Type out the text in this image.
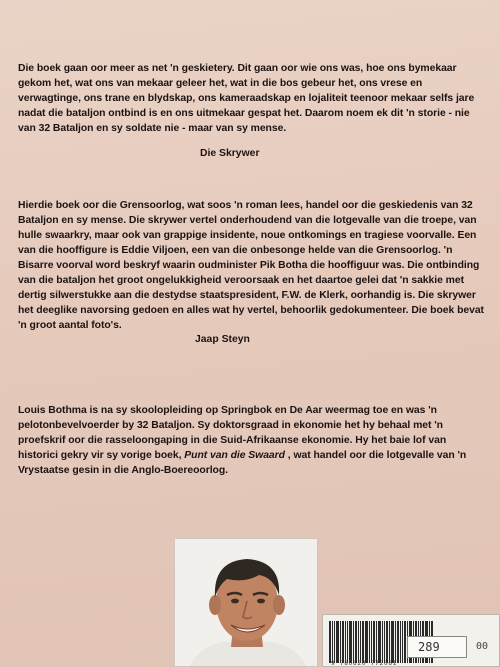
Die boek gaan oor meer as net 'n geskietery. Dit gaan oor wie ons was, hoe ons bymekaar gekom het, wat ons van mekaar geleer het, wat in die bos gebeur het, ons vrese en verwagtinge, ons trane en blydskap, ons kameraadskap en lojaliteit teenoor mekaar selfs jare nadat die bataljon ontbind is en ons uitmekaar gespat het. Daarom noem ek dit 'n storie - nie van 32 Bataljon en sy soldate nie - maar van sy mense.

Die Skrywer

Hierdie boek oor die Grensoorlog, wat soos 'n roman lees, handel oor die geskiedenis van 32 Bataljon en sy mense. Die skrywer vertel onderhoudend van die lotgevalle van die troepe, van hulle swaarkry, maar ook van grappige insidente, noue ontkomings en tragiese voorvalle. Een van die hooffigure is Eddie Viljoen, een van die onbesonge helde van die Grensoorlog. 'n Bisarre voorval word beskryf waarin oudminister Pik Botha die hooffiguur was. Die ontbinding van die bataljon het groot ongelukkigheid veroorsaak en het daartoe gelei dat 'n sakkie met dertig silwerstukke aan die destydse staatspresident, F.W. de Klerk, oorhandig is. Die skrywer het deeglike navorsing gedoen en alles wat hy vertel, behoorlik gedokumenteer. Die boek bevat 'n groot aantal foto's.

Jaap Steyn

Louis Bothma is na sy skoolopleiding op Springbok en De Aar weermag toe en was 'n pelotonbevelvoerder by 32 Bataljon. Sy doktorsgraad in ekonomie het hy behaal met 'n proefskrif oor die rasseloongaping in die Suid-Afrikaanse ekonomie. Hy het baie lof van historici gekry vir sy vorige boek, Punt van die Swaard , wat handel oor die lotgevalle van 'n Vrystaatse gesin in die Anglo-Boereoorlog.

9 780620 772061
289	00
